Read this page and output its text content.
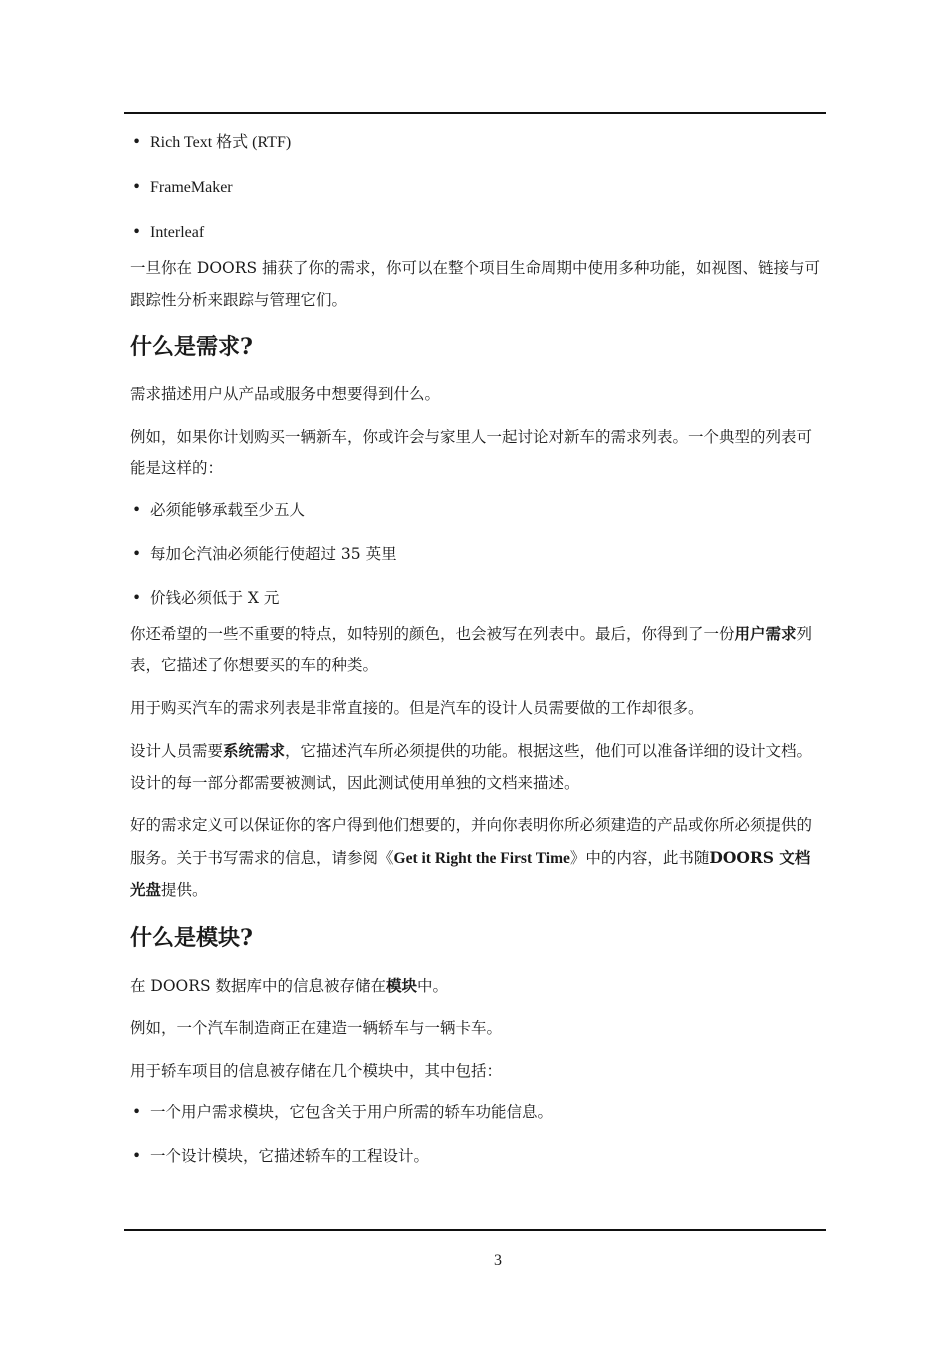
• Rich Text 格式 (RTF)
• FrameMaker
• Interleaf

一旦你在 DOORS 捕获了你的需求，你可以在整个项目生命周期中使用多种功能，如视图、链接与可跟踪性分析来跟踪与管理它们。

什么是需求?

需求描述用户从产品或服务中想要得到什么。

例如，如果你计划购买一辆新车，你或许会与家里人一起讨论对新车的需求列表。一个典型的列表可能是这样的：

• 必须能够承载至少五人
• 每加仑汽油必须能行使超过 35 英里
• 价钱必须低于 X 元

你还希望的一些不重要的特点，如特别的颜色，也会被写在列表中。最后，你得到了一份用户需求列表，它描述了你想要买的车的种类。

用于购买汽车的需求列表是非常直接的。但是汽车的设计人员需要做的工作却很多。

设计人员需要系统需求，它描述汽车所必须提供的功能。根据这些，他们可以准备详细的设计文档。设计的每一部分都需要被测试，因此测试使用单独的文档来描述。

好的需求定义可以保证你的客户得到他们想要的，并向你表明你所必须建造的产品或你所必须提供的服务。关于书写需求的信息，请参阅《Get it Right the First Time》中的内容，此书随DOORS 文档光盘提供。

什么是模块?

在 DOORS 数据库中的信息被存储在模块中。

例如，一个汽车制造商正在建造一辆轿车与一辆卡车。

用于轿车项目的信息被存储在几个模块中，其中包括：

• 一个用户需求模块，它包含关于用户所需的轿车功能信息。
• 一个设计模块，它描述轿车的工程设计。
3
